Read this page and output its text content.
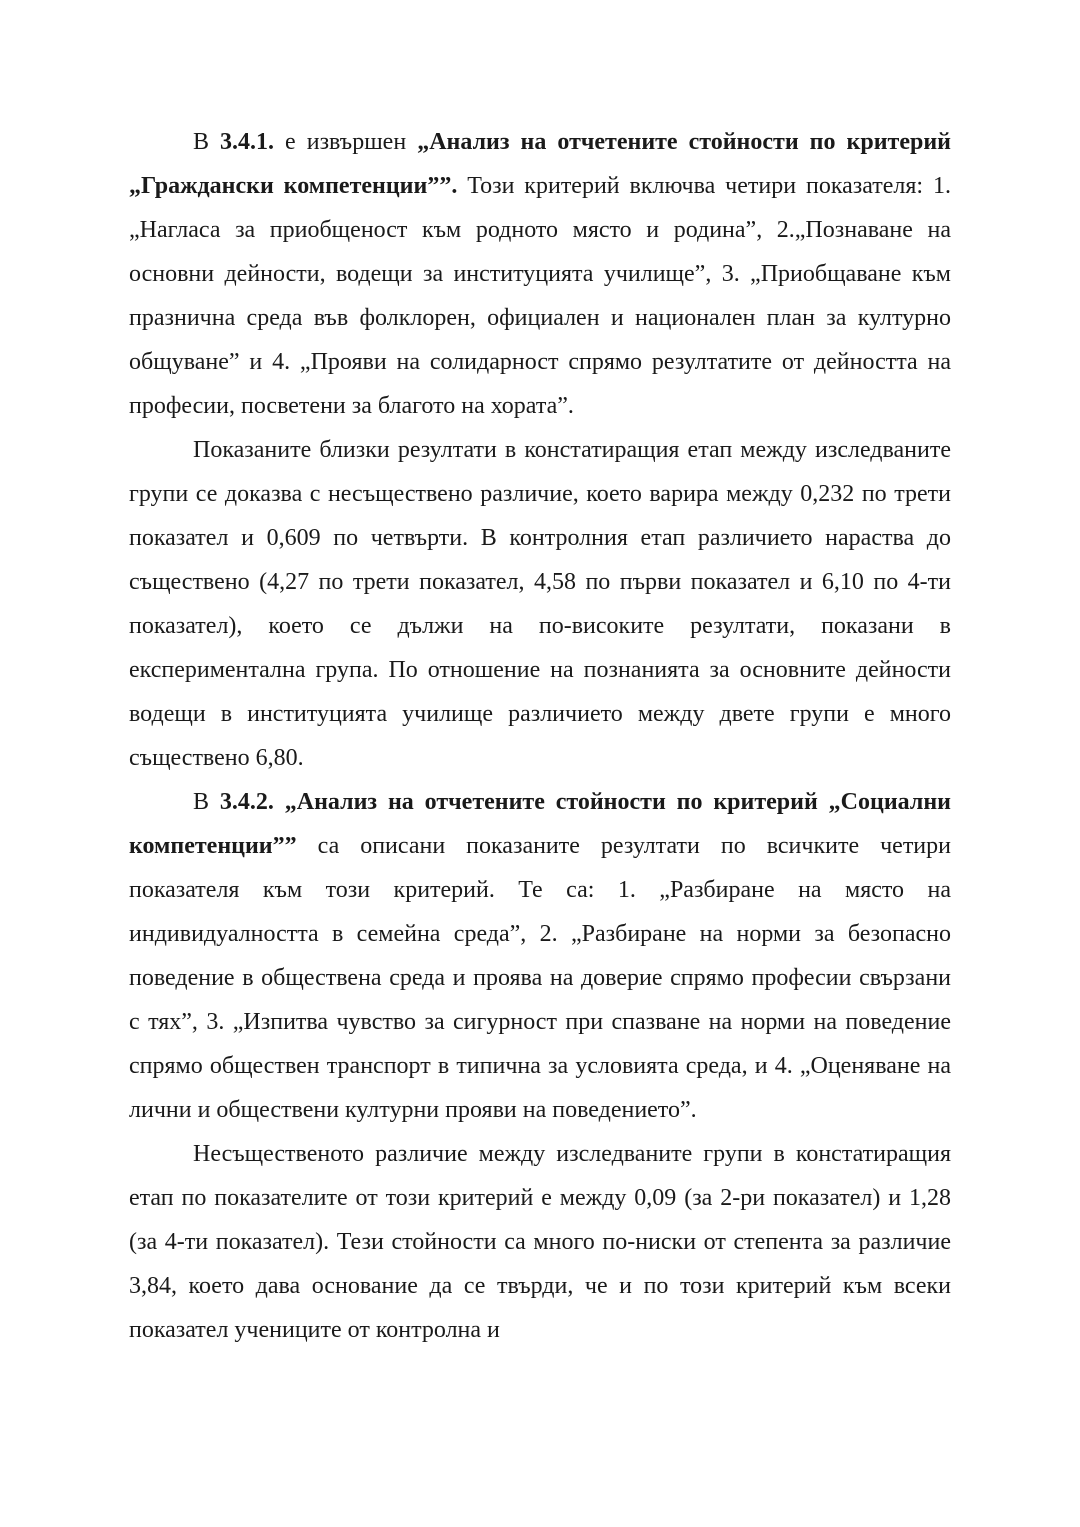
В 3.4.1. е извършен „Анализ на отчетените стойности по критерий „Граждански компетенции””. Този критерий включва четири показателя: 1.„Нагласа за приобщеност към родното място и родина”, 2.„Познаване на основни дейности, водещи за институцията училище”, 3. „Приобщаване към празнична среда във фолклорен, официален и национален план за културно общуване” и 4. „Прояви на солидарност спрямо резултатите от дейността на професии, посветени за благото на хората”.

Показаните близки резултати в констатиращия етап между изследваните групи се доказва с несъществено различие, което варира между 0,232 по трети показател и 0,609 по четвърти. В контролния етап различието нараства до съществено (4,27 по трети показател, 4,58 по първи показател и 6,10 по 4-ти показател), което се дължи на по-високите резултати, показани в експериментална група. По отношение на познанията за основните дейности водещи в институцията училище различието между двете групи е много съществено 6,80.

В 3.4.2. „Анализ на отчетените стойности по критерий „Социални компетенции”” са описани показаните резултати по всичките четири показателя към този критерий. Те са: 1. „Разбиране на място на индивидуалността в семейна среда”, 2. „Разбиране на норми за безопасно поведение в обществена среда и проява на доверие спрямо професии свързани с тях”, 3. „Изпитва чувство за сигурност при спазване на норми на поведение спрямо обществен транспорт в типична за условията среда, и 4. „Оценяване на лични и обществени културни прояви на поведението”.

Несъщественото различие между изследваните групи в констатиращия етап по показателите от този критерий е между 0,09 (за 2-ри показател) и 1,28 (за 4-ти показател). Тези стойности са много по-ниски от степента за различие 3,84, което дава основание да се твърди, че и по този критерий към всеки показател учениците от контролна и
